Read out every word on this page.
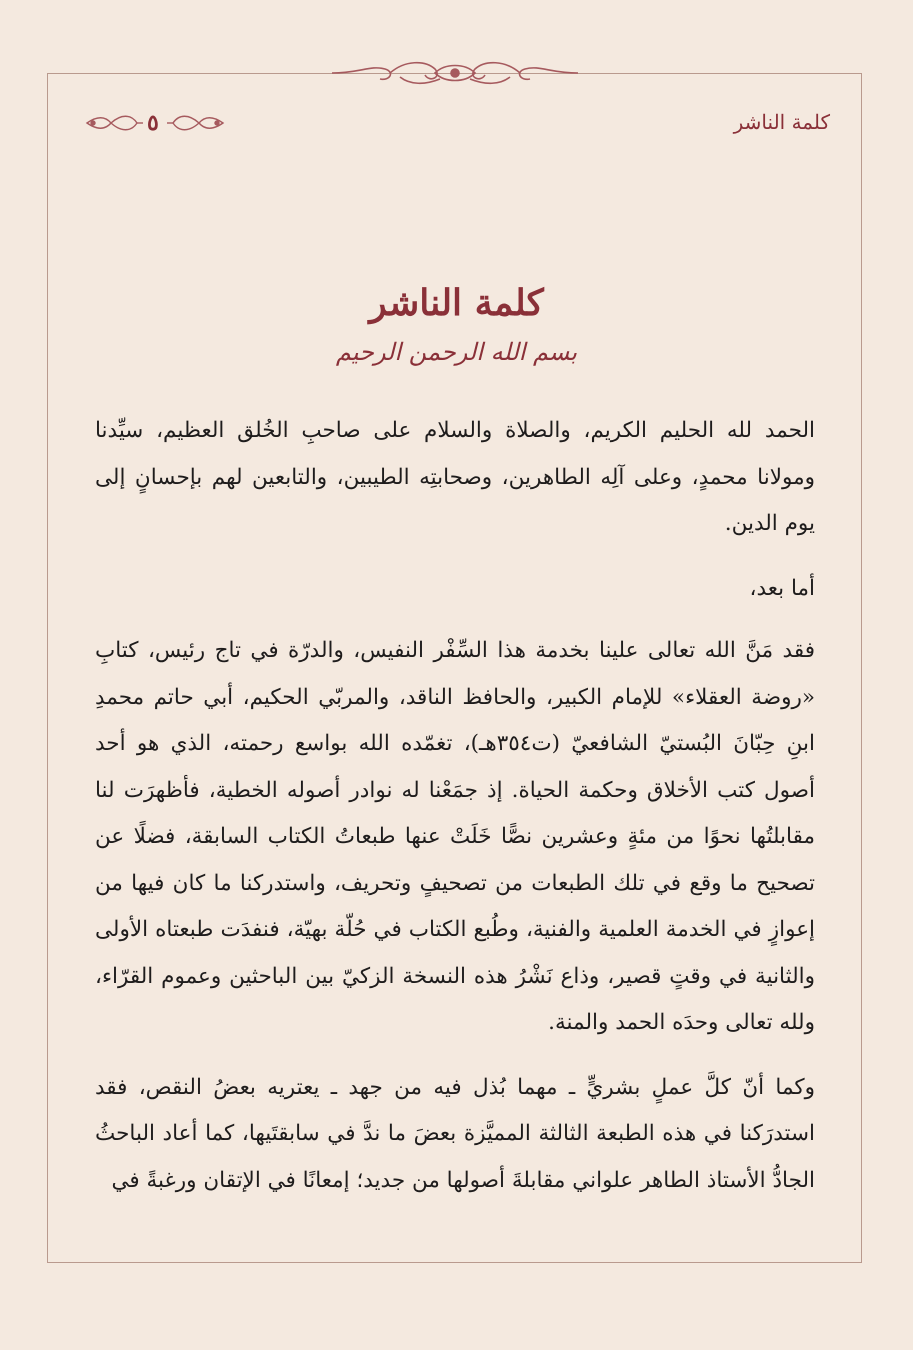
كلمة الناشر
٥
كلمة الناشر
بسم الله الرحمن الرحيم

الحمد لله الحليم الكريم، والصلاة والسلام على صاحبِ الخُلق العظيم، سيِّدنا ومولانا محمدٍ، وعلى آلِه الطاهرين، وصحابتِه الطيبين، والتابعين لهم بإحسانٍ إلى يوم الدين.

أما بعد،

فقد مَنَّ الله تعالى علينا بخدمة هذا السِّفْر النفيس، والدرّة في تاج رئيس، كتابِ «روضة العقلاء» للإمام الكبير، والحافظ الناقد، والمربّي الحكيم، أبي حاتم محمدِ ابنِ حِبّانَ البُستيّ الشافعيّ (ت٣٥٤هـ)، تغمّده الله بواسع رحمته، الذي هو أحد أصول كتب الأخلاق وحكمة الحياة. إذ جمَعْنا له نوادر أصوله الخطية، فأظهرَت لنا مقابلتُها نحوًا من مئةٍ وعشرين نصًّا خَلَتْ عنها طبعاتُ الكتاب السابقة، فضلًا عن تصحيح ما وقع في تلك الطبعات من تصحيفٍ وتحريف، واستدركنا ما كان فيها من إعوازٍ في الخدمة العلمية والفنية، وطُبع الكتاب في حُلّة بهيّة، فنفدَت طبعتاه الأولى والثانية في وقتٍ قصير، وذاع نَشْرُ هذه النسخة الزكيّ بين الباحثين وعموم القرّاء، ولله تعالى وحدَه الحمد والمنة.

وكما أنّ كلَّ عملٍ بشريٍّ ـ مهما بُذل فيه من جهد ـ يعتريه بعضُ النقص، فقد استدرَكنا في هذه الطبعة الثالثة المميَّزة بعضَ ما ندَّ في سابقتَيها، كما أعاد الباحثُ الجادُّ الأستاذ الطاهر علواني مقابلةَ أصولها من جديد؛ إمعانًا في الإتقان ورغبةً في
